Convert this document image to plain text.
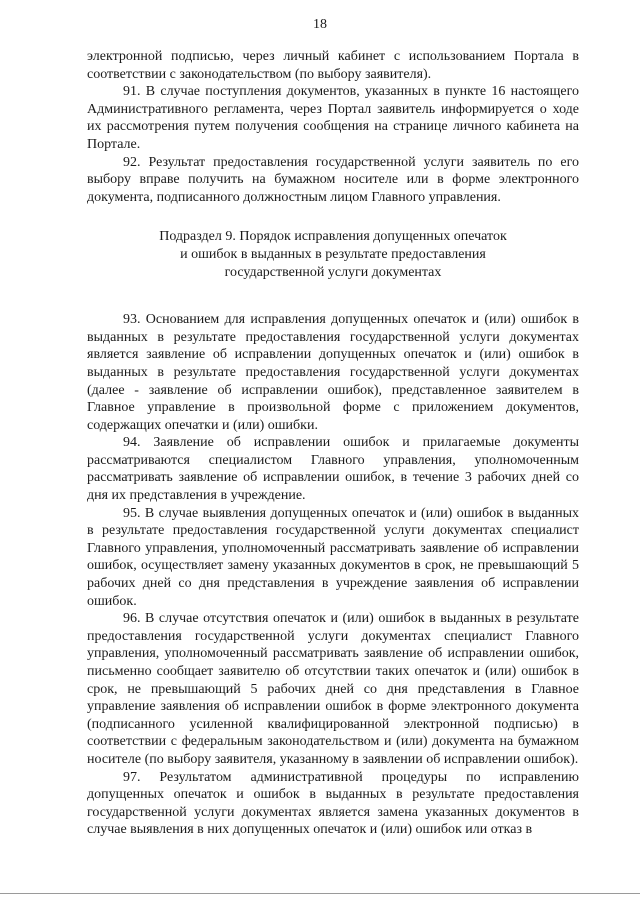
18

электронной подписью, через личный кабинет с использованием Портала в соответствии с законодательством (по выбору заявителя).

91. В случае поступления документов, указанных в пункте 16 настоящего Административного регламента, через Портал заявитель информируется о ходе их рассмотрения путем получения сообщения на странице личного кабинета на Портале.

92. Результат предоставления государственной услуги заявитель по его выбору вправе получить на бумажном носителе или в форме электронного документа, подписанного должностным лицом Главного управления.

Подраздел 9. Порядок исправления допущенных опечаток
и ошибок в выданных в результате предоставления
государственной услуги документах

93. Основанием для исправления допущенных опечаток и (или) ошибок в выданных в результате предоставления государственной услуги документах является заявление об исправлении допущенных опечаток и (или) ошибок в выданных в результате предоставления государственной услуги документах (далее - заявление об исправлении ошибок), представленное заявителем в Главное управление в произвольной форме с приложением документов, содержащих опечатки и (или) ошибки.

94. Заявление об исправлении ошибок и прилагаемые документы рассматриваются специалистом Главного управления, уполномоченным рассматривать заявление об исправлении ошибок, в течение 3 рабочих дней со дня их представления в учреждение.

95. В случае выявления допущенных опечаток и (или) ошибок в выданных в результате предоставления государственной услуги документах специалист Главного управления, уполномоченный рассматривать заявление об исправлении ошибок, осуществляет замену указанных документов в срок, не превышающий 5 рабочих дней со дня представления в учреждение заявления об исправлении ошибок.

96. В случае отсутствия опечаток и (или) ошибок в выданных в результате предоставления государственной услуги документах специалист Главного управления, уполномоченный рассматривать заявление об исправлении ошибок, письменно сообщает заявителю об отсутствии таких опечаток и (или) ошибок в срок, не превышающий 5 рабочих дней со дня представления в Главное управление заявления об исправлении ошибок в форме электронного документа (подписанного усиленной квалифицированной электронной подписью) в соответствии с федеральным законодательством и (или) документа на бумажном носителе (по выбору заявителя, указанному в заявлении об исправлении ошибок).

97. Результатом административной процедуры по исправлению допущенных опечаток и ошибок в выданных в результате предоставления государственной услуги документах является замена указанных документов в случае выявления в них допущенных опечаток и (или) ошибок или отказ в
